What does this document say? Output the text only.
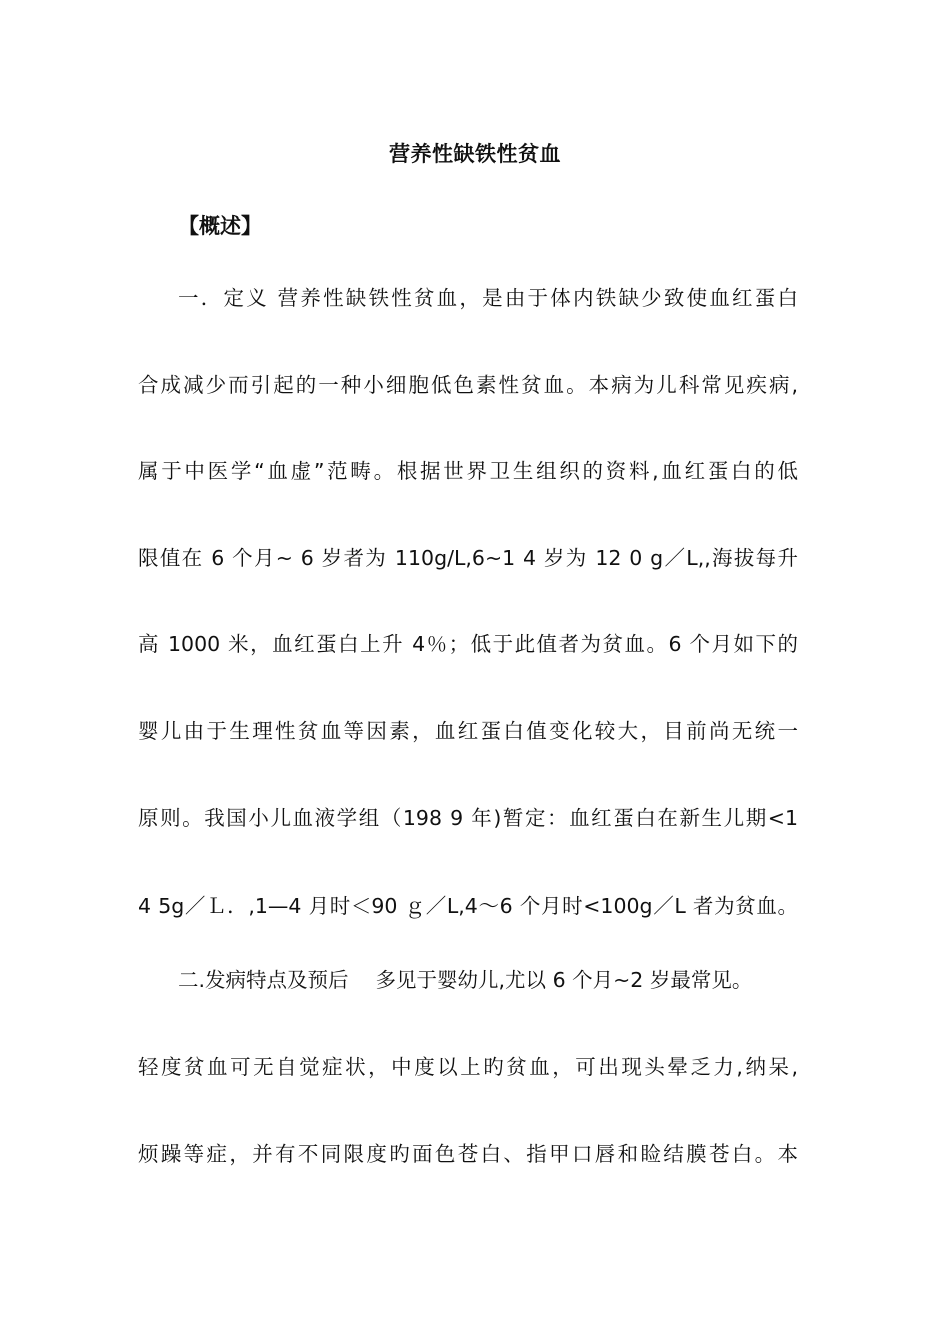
营养性缺铁性贫血
【概述】
一．定义 营养性缺铁性贫血，是由于体内铁缺少致使血红蛋白
合成减少而引起的一种小细胞低色素性贫血。本病为儿科常见疾病,
属于中医学“血虚”范畴。根据世界卫生组织的资料,血红蛋白的低
限值在 6 个月~ 6 岁者为 110g/L,6~1 4 岁为 12 0 g／L,,海拔每升
高 1000 米，血红蛋白上升 4％；低于此值者为贫血。6 个月如下的
婴儿由于生理性贫血等因素，血红蛋白值变化较大，目前尚无统一
原则。我国小儿血液学组（198 9 年)暂定：血红蛋白在新生儿期<1
4 5g／Ｌ．,1—4 月时＜90 ｇ／L,4～6 个月时<100g／L 者为贫血。
二.发病特点及预后　 多见于婴幼儿,尤以 6 个月~2 岁最常见。
轻度贫血可无自觉症状，中度以上旳贫血，可出现头晕乏力,纳呆,
烦躁等症，并有不同限度旳面色苍白、指甲口唇和睑结膜苍白。本
